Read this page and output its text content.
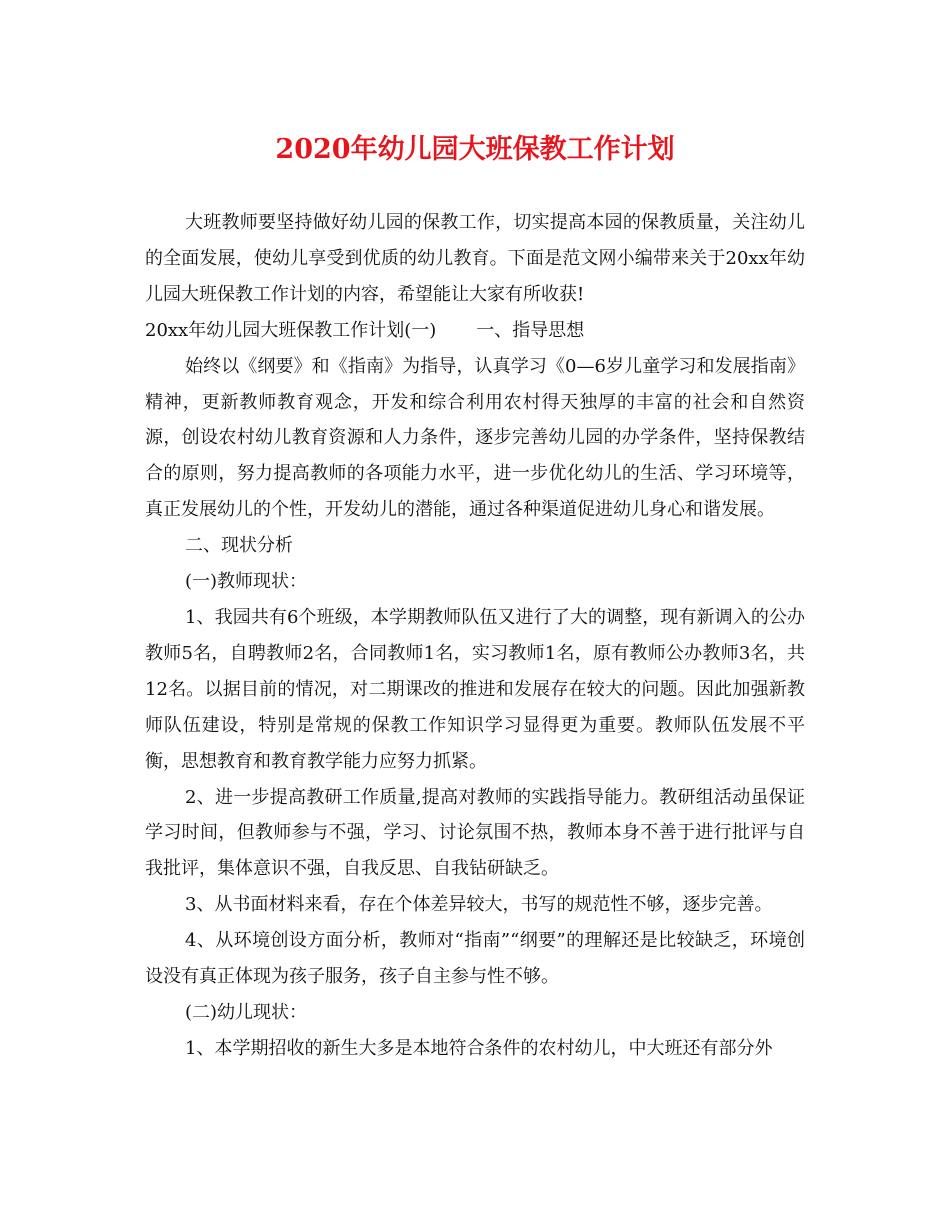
2020年幼儿园大班保教工作计划

大班教师要坚持做好幼儿园的保教工作，切实提高本园的保教质量，关注幼儿的全面发展，使幼儿享受到优质的幼儿教育。下面是范文网小编带来关于20xx年幼儿园大班保教工作计划的内容，希望能让大家有所收获!

20xx年幼儿园大班保教工作计划(一) 一、指导思想

始终以《纲要》和《指南》为指导，认真学习《0—6岁儿童学习和发展指南》精神，更新教师教育观念，开发和综合利用农村得天独厚的丰富的社会和自然资源，创设农村幼儿教育资源和人力条件，逐步完善幼儿园的办学条件，坚持保教结合的原则，努力提高教师的各项能力水平，进一步优化幼儿的生活、学习环境等，真正发展幼儿的个性，开发幼儿的潜能，通过各种渠道促进幼儿身心和谐发展。

二、现状分析

(一)教师现状：

1、我园共有6个班级，本学期教师队伍又进行了大的调整，现有新调入的公办教师5名，自聘教师2名，合同教师1名，实习教师1名，原有教师公办教师3名，共12名。以据目前的情况，对二期课改的推进和发展存在较大的问题。因此加强新教师队伍建设，特别是常规的保教工作知识学习显得更为重要。教师队伍发展不平衡，思想教育和教育教学能力应努力抓紧。

2、进一步提高教研工作质量,提高对教师的实践指导能力。教研组活动虽保证学习时间，但教师参与不强，学习、讨论氛围不热，教师本身不善于进行批评与自我批评，集体意识不强，自我反思、自我钻研缺乏。

3、从书面材料来看，存在个体差异较大，书写的规范性不够，逐步完善。

4、从环境创设方面分析，教师对“指南”“纲要”的理解还是比较缺乏，环境创设没有真正体现为孩子服务，孩子自主参与性不够。

(二)幼儿现状：

1、本学期招收的新生大多是本地符合条件的农村幼儿，中大班还有部分外
